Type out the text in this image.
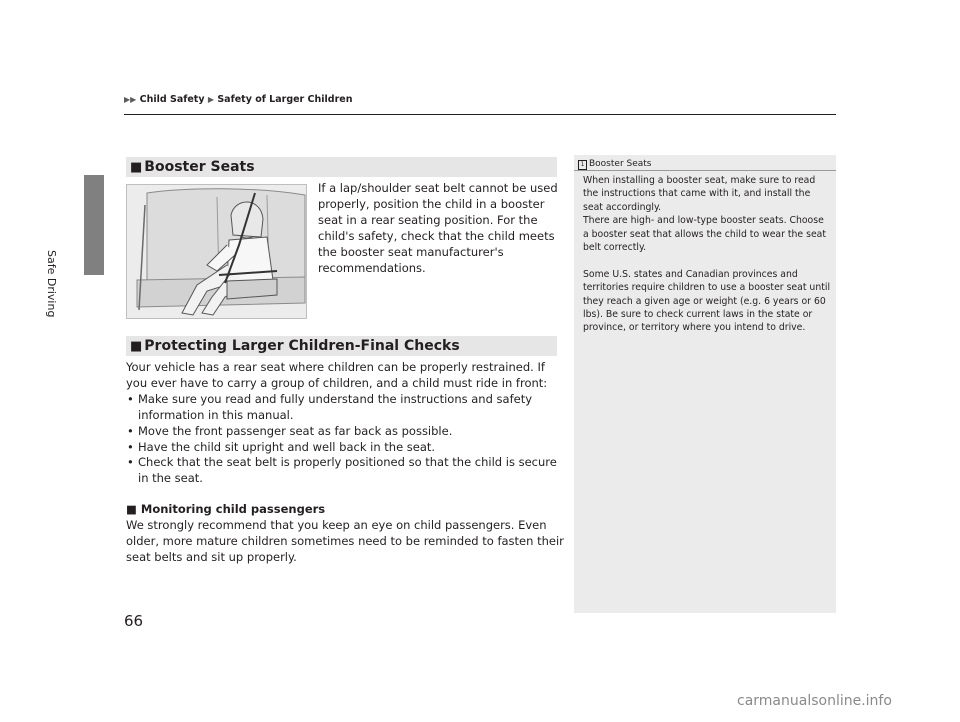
Safe Driving
▶▶ Child Safety ▶ Safety of Larger Children
■ Booster Seats
If a lap/shoulder seat belt cannot be used properly, position the child in a booster seat in a rear seating position. For the child's safety, check that the child meets the booster seat manufacturer's recommendations.
■ Protecting Larger Children-Final Checks

Your vehicle has a rear seat where children can be properly restrained. If you ever have to carry a group of children, and a child must ride in front:

• Make sure you read and fully understand the instructions and safety information in this manual.
• Move the front passenger seat as far back as possible.
• Have the child sit upright and well back in the seat.
• Check that the seat belt is properly positioned so that the child is secure in the seat.

■ Monitoring child passengers

We strongly recommend that you keep an eye on child passengers. Even older, more mature children sometimes need to be reminded to fasten their seat belts and sit up properly.

1 Booster Seats

When installing a booster seat, make sure to read the instructions that came with it, and install the seat accordingly.

There are high- and low-type booster seats. Choose a booster seat that allows the child to wear the seat belt correctly.

Some U.S. states and Canadian provinces and territories require children to use a booster seat until they reach a given age or weight (e.g. 6 years or 60 lbs). Be sure to check current laws in the state or province, or territory where you intend to drive.

66
carmanualsonline.info
